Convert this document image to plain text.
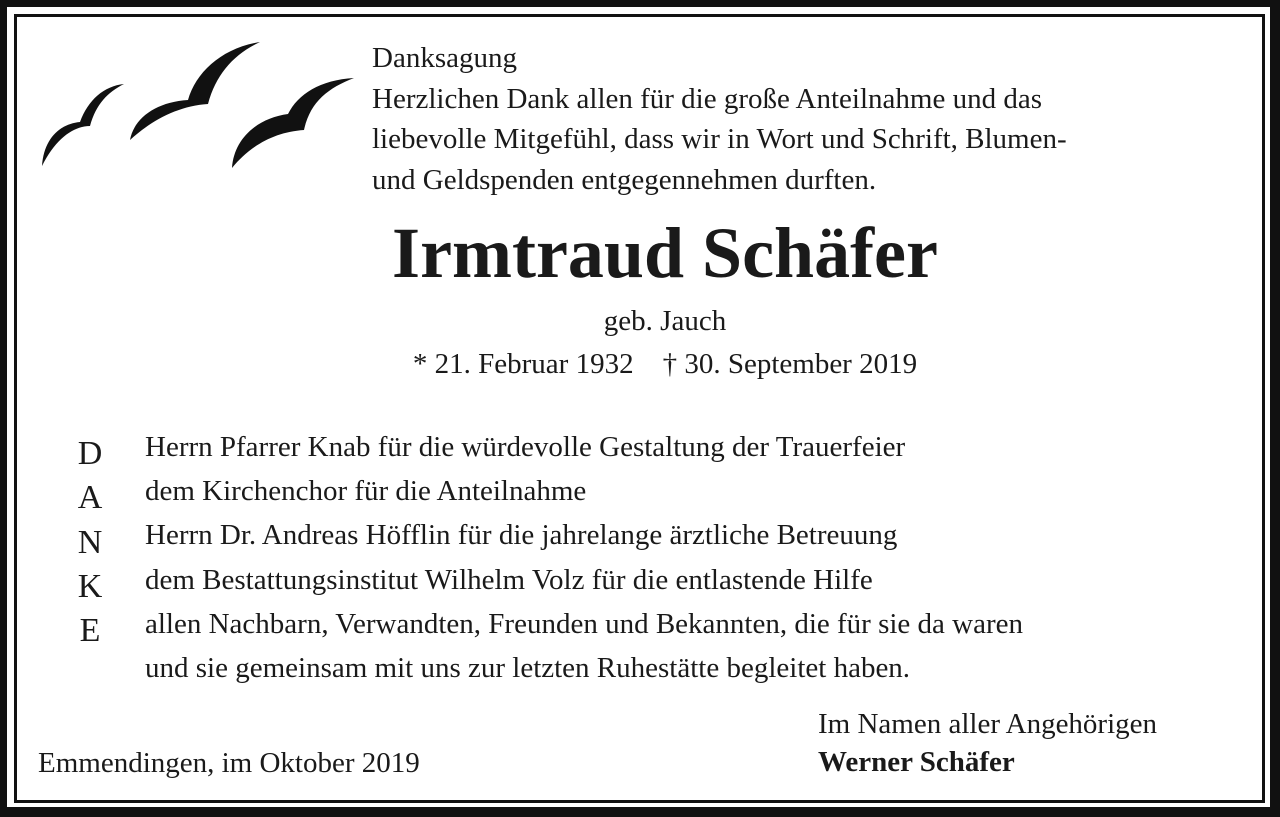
Danksagung
Herzlichen Dank allen für die große Anteilnahme und das
liebevolle Mitgefühl, dass wir in Wort und Schrift, Blumen-
und Geldspenden entgegennehmen durften.
Irmtraud Schäfer
geb. Jauch
* 21. Februar 1932    † 30. September 2019
D
A
N
K
E
Herrn Pfarrer Knab für die würdevolle Gestaltung der Trauerfeier
dem Kirchenchor für die Anteilnahme
Herrn Dr. Andreas Höfflin für die jahrelange ärztliche Betreuung
dem Bestattungsinstitut Wilhelm Volz für die entlastende Hilfe
allen Nachbarn, Verwandten, Freunden und Bekannten, die für sie da waren
und sie gemeinsam mit uns zur letzten Ruhestätte begleitet haben.
Emmendingen, im Oktober 2019
Im Namen aller Angehörigen
Werner Schäfer
